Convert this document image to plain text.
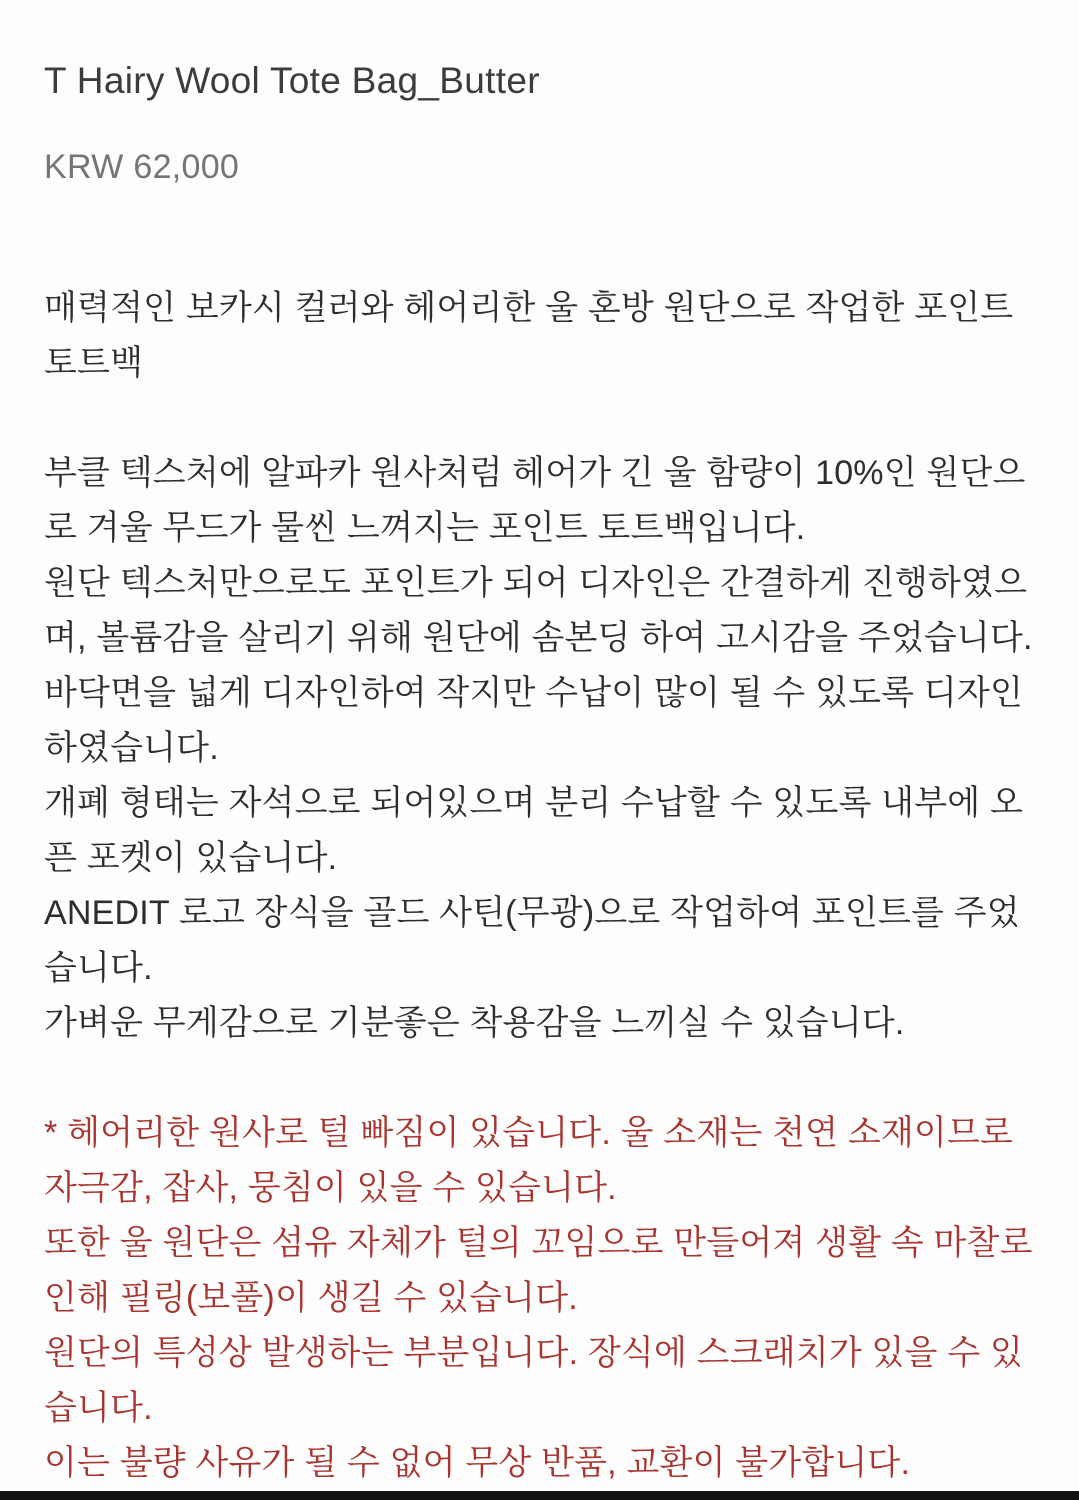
T Hairy Wool Tote Bag_Butter
KRW 62,000

매력적인 보카시 컬러와 헤어리한 울 혼방 원단으로 작업한 포인트 토트백

부클 텍스처에 알파카 원사처럼 헤어가 긴 울 함량이 10%인 원단으로 겨울 무드가 물씬 느껴지는 포인트 토트백입니다.
원단 텍스처만으로도 포인트가 되어 디자인은 간결하게 진행하였으며, 볼륨감을 살리기 위해 원단에 솜본딩 하여 고시감을 주었습니다.
바닥면을 넓게 디자인하여 작지만 수납이 많이 될 수 있도록 디자인하였습니다.
개폐 형태는 자석으로 되어있으며 분리 수납할 수 있도록 내부에 오픈 포켓이 있습니다.
ANEDIT 로고 장식을 골드 사틴(무광)으로 작업하여 포인트를 주었습니다.
가벼운 무게감으로 기분좋은 착용감을 느끼실 수 있습니다.
* 헤어리한 원사로 털 빠짐이 있습니다. 울 소재는 천연 소재이므로 자극감, 잡사, 뭉침이 있을 수 있습니다.
또한 울 원단은 섬유 자체가 털의 꼬임으로 만들어져 생활 속 마찰로 인해 필링(보풀)이 생길 수 있습니다.
원단의 특성상 발생하는 부분입니다. 장식에 스크래치가 있을 수 있습니다.
이는 불량 사유가 될 수 없어 무상 반품, 교환이 불가합니다.
